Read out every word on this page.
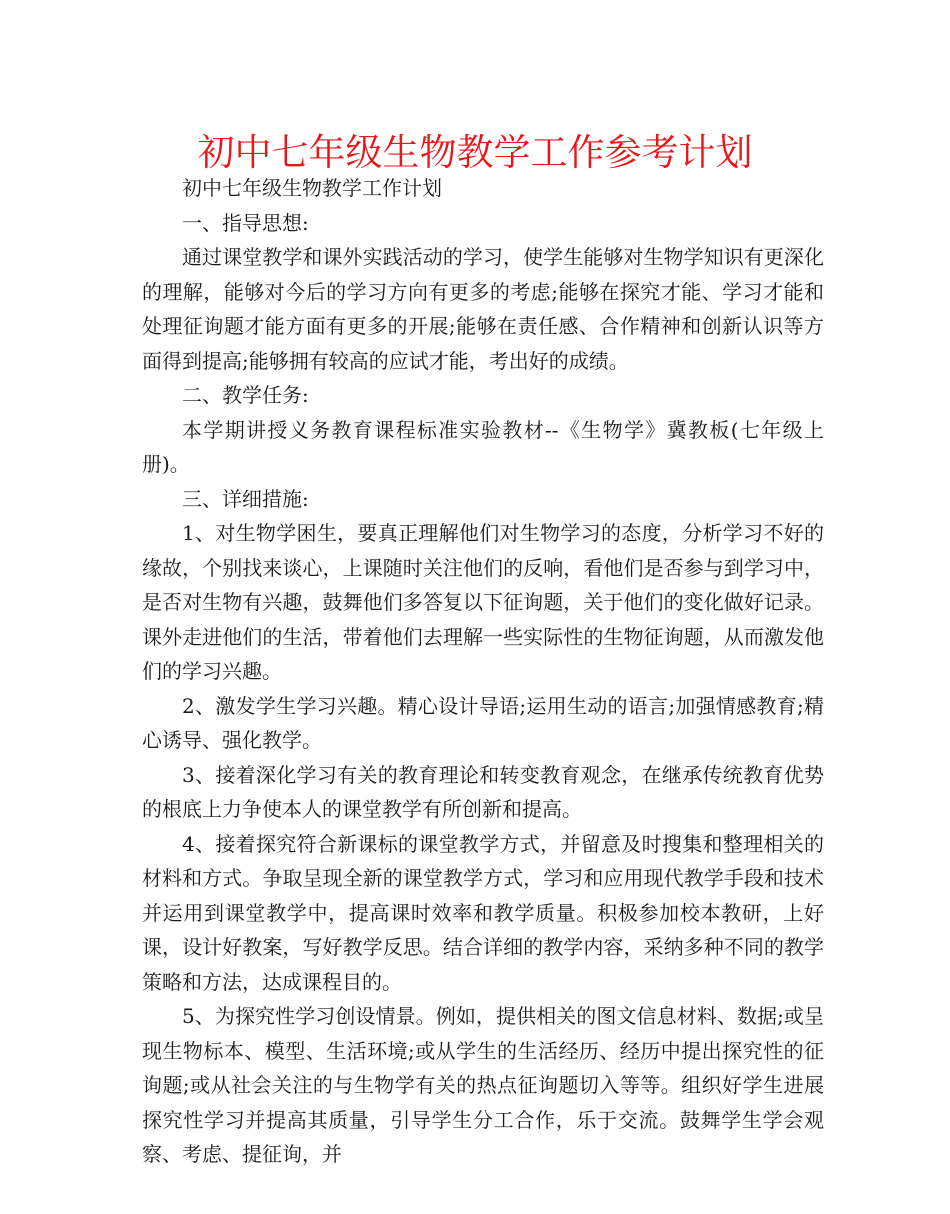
初中七年级生物教学工作参考计划

初中七年级生物教学工作计划

一、指导思想:

通过课堂教学和课外实践活动的学习，使学生能够对生物学知识有更深化的理解，能够对今后的学习方向有更多的考虑;能够在探究才能、学习才能和处理征询题才能方面有更多的开展;能够在责任感、合作精神和创新认识等方面得到提高;能够拥有较高的应试才能，考出好的成绩。

二、教学任务:

本学期讲授义务教育课程标准实验教材--《生物学》冀教板(七年级上册)。

三、详细措施:

1、对生物学困生，要真正理解他们对生物学习的态度，分析学习不好的缘故，个别找来谈心，上课随时关注他们的反响，看他们是否参与到学习中，是否对生物有兴趣，鼓舞他们多答复以下征询题，关于他们的变化做好记录。课外走进他们的生活，带着他们去理解一些实际性的生物征询题，从而激发他们的学习兴趣。

2、激发学生学习兴趣。精心设计导语;运用生动的语言;加强情感教育;精心诱导、强化教学。

3、接着深化学习有关的教育理论和转变教育观念，在继承传统教育优势的根底上力争使本人的课堂教学有所创新和提高。

4、接着探究符合新课标的课堂教学方式，并留意及时搜集和整理相关的材料和方式。争取呈现全新的课堂教学方式，学习和应用现代教学手段和技术并运用到课堂教学中，提高课时效率和教学质量。积极参加校本教研，上好课，设计好教案，写好教学反思。结合详细的教学内容，采纳多种不同的教学策略和方法，达成课程目的。

5、为探究性学习创设情景。例如，提供相关的图文信息材料、数据;或呈现生物标本、模型、生活环境;或从学生的生活经历、经历中提出探究性的征询题;或从社会关注的与生物学有关的热点征询题切入等等。组织好学生进展探究性学习并提高其质量，引导学生分工合作，乐于交流。鼓舞学生学会观察、考虑、提征询，并
